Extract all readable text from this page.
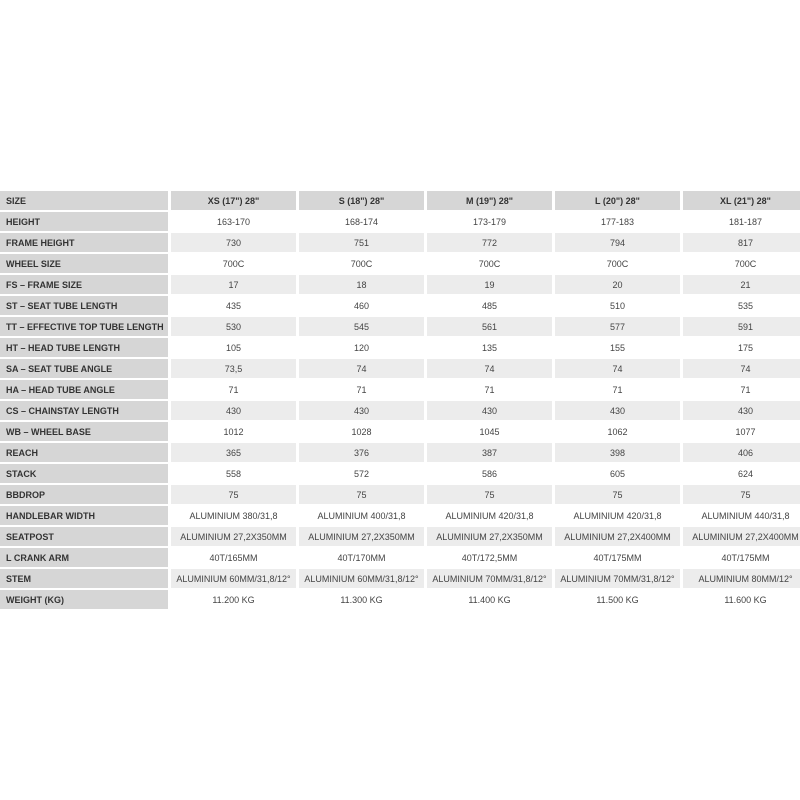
SIZE	XS (17") 28"	S (18") 28"	M (19") 28"	L (20") 28"	XL (21") 28"
HEIGHT	163-170	168-174	173-179	177-183	181-187
FRAME HEIGHT	730	751	772	794	817
WHEEL SIZE	700C	700C	700C	700C	700C
FS – FRAME SIZE	17	18	19	20	21
ST – SEAT TUBE LENGTH	435	460	485	510	535
TT – EFFECTIVE TOP TUBE LENGTH	530	545	561	577	591
HT – HEAD TUBE LENGTH	105	120	135	155	175
SA – SEAT TUBE ANGLE	73,5	74	74	74	74
HA – HEAD TUBE ANGLE	71	71	71	71	71
CS – CHAINSTAY LENGTH	430	430	430	430	430
WB – WHEEL BASE	1012	1028	1045	1062	1077
REACH	365	376	387	398	406
STACK	558	572	586	605	624
BBDROP	75	75	75	75	75
HANDLEBAR WIDTH	ALUMINIUM 380/31,8	ALUMINIUM 400/31,8	ALUMINIUM 420/31,8	ALUMINIUM 420/31,8	ALUMINIUM 440/31,8
SEATPOST	ALUMINIUM 27,2X350MM	ALUMINIUM 27,2X350MM	ALUMINIUM 27,2X350MM	ALUMINIUM 27,2X400MM	ALUMINIUM 27,2X400MM
L CRANK ARM	40T/165MM	40T/170MM	40T/172,5MM	40T/175MM	40T/175MM
STEM	ALUMINIUM 60MM/31,8/12°	ALUMINIUM 60MM/31,8/12°	ALUMINIUM 70MM/31,8/12°	ALUMINIUM 70MM/31,8/12°	ALUMINIUM 80MM/12°
WEIGHT (KG)	11.200 KG	11.300 KG	11.400 KG	11.500 KG	11.600 KG
